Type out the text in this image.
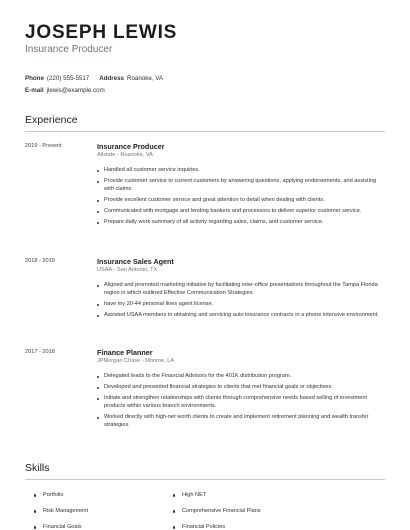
JOSEPH LEWIS
Insurance Producer
Phone (220) 555-5517 Address Roanoke, VA
E-mail jlewis@example.com
Experience
2019 - Present	Insurance Producer
Allstate - Roanoke, VA
Handled all customer service inquiries.
Provide customer service to current customers by answering questions, applying endorsements, and assisting with claims.
Provide excellent customer service and great attention to detail when dealing with clients.
Communicated with mortgage and lending bankers and processors to deliver superior customer service.
Prepare daily work summary of all activity regarding sales, claims, and customer service.
2018 - 2019	Insurance Sales Agent
USAA - San Antonio, TX
Aligned and promoted marketing initiative by facilitating inter-office presentations throughout the Tampa Florida region in which outlined Effective Communication Strategies.
have my 20-44 personal lines agent license.
Assisted USAA members in obtaining and servicing auto insurance contracts in a phone intensive environment.
2017 - 2018	Finance Planner
JPMorgan Chase - Monroe, LA
Delegated leads to the Financial Advisors for the 401K distribution program.
Developed and presented financial strategies to clients that met financial goals or objectives.
Initiate and strengthen relationships with clients through comprehensive needs based selling of investment products within various branch environments.
Worked directly with high-net worth clients to create and implement retirement planning and wealth transfer strategies.
Skills
Portfolio	High NET
Risk Management	Comprehensive Financial Plans
Financial Goals	Financial Policies
